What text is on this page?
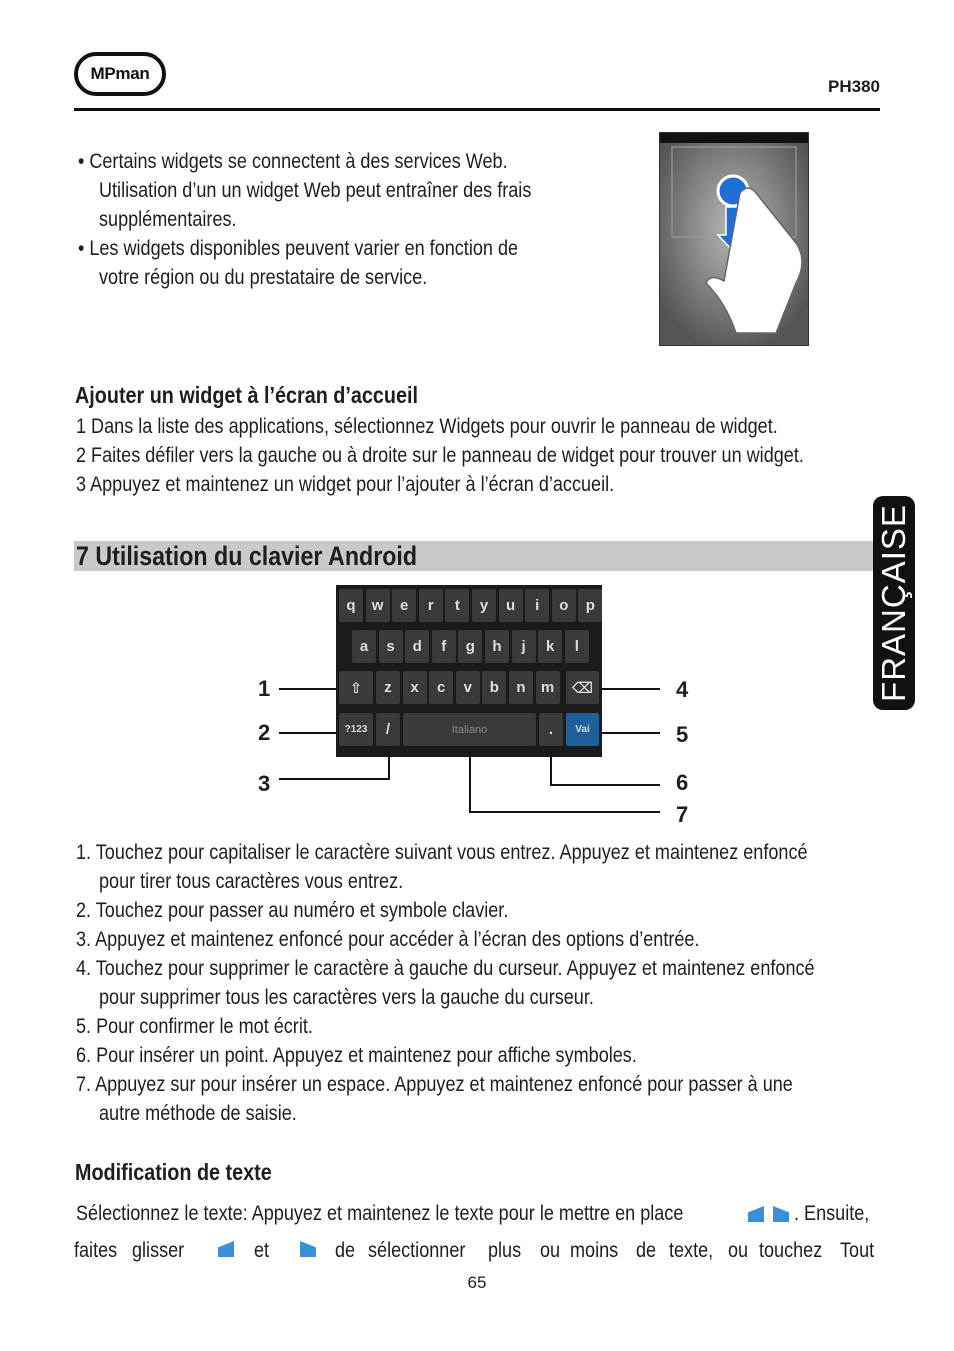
MPman
PH380
• Certains widgets se connectent à des services Web.
Utilisation d’un un widget Web peut entraîner des frais
supplémentaires.
• Les widgets disponibles peuvent varier en fonction de
votre région ou du prestataire de service.
Ajouter un widget à l’écran d’accueil
1 Dans la liste des applications, sélectionnez Widgets pour ouvrir le panneau de widget.
2 Faites défiler vers la gauche ou à droite sur le panneau de widget pour trouver un widget.
3 Appuyez et maintenez un widget pour l’ajouter à l’écran d’accueil.
7 Utilisation du clavier Android	FRANÇAISE
q	w	e	r	t	y	u	i	o	p
a	s	d	f	g	h	j	k	l
⇧	z	x	c	v	b	n	m	⌫
?123	/	Italiano	.	Vai
1
2
3
4
5
6
7
1. Touchez pour capitaliser le caractère suivant vous entrez. Appuyez et maintenez enfoncé
pour tirer tous caractères vous entrez.
2. Touchez pour passer au numéro et symbole clavier.
3. Appuyez et maintenez enfoncé pour accéder à l’écran des options d’entrée.
4. Touchez pour supprimer le caractère à gauche du curseur. Appuyez et maintenez enfoncé
pour supprimer tous les caractères vers la gauche du curseur.
5. Pour confirmer le mot écrit.
6. Pour insérer un point. Appuyez et maintenez pour affiche symboles.
7. Appuyez sur pour insérer un espace. Appuyez et maintenez enfoncé pour passer à une
autre méthode de saisie.
Modification de texte
Sélectionnez le texte: Appuyez et maintenez le texte pour le mettre en place	. Ensuite,
faites glisser	et	de sélectionner plus ou moins de texte, ou touchez Tout
65
